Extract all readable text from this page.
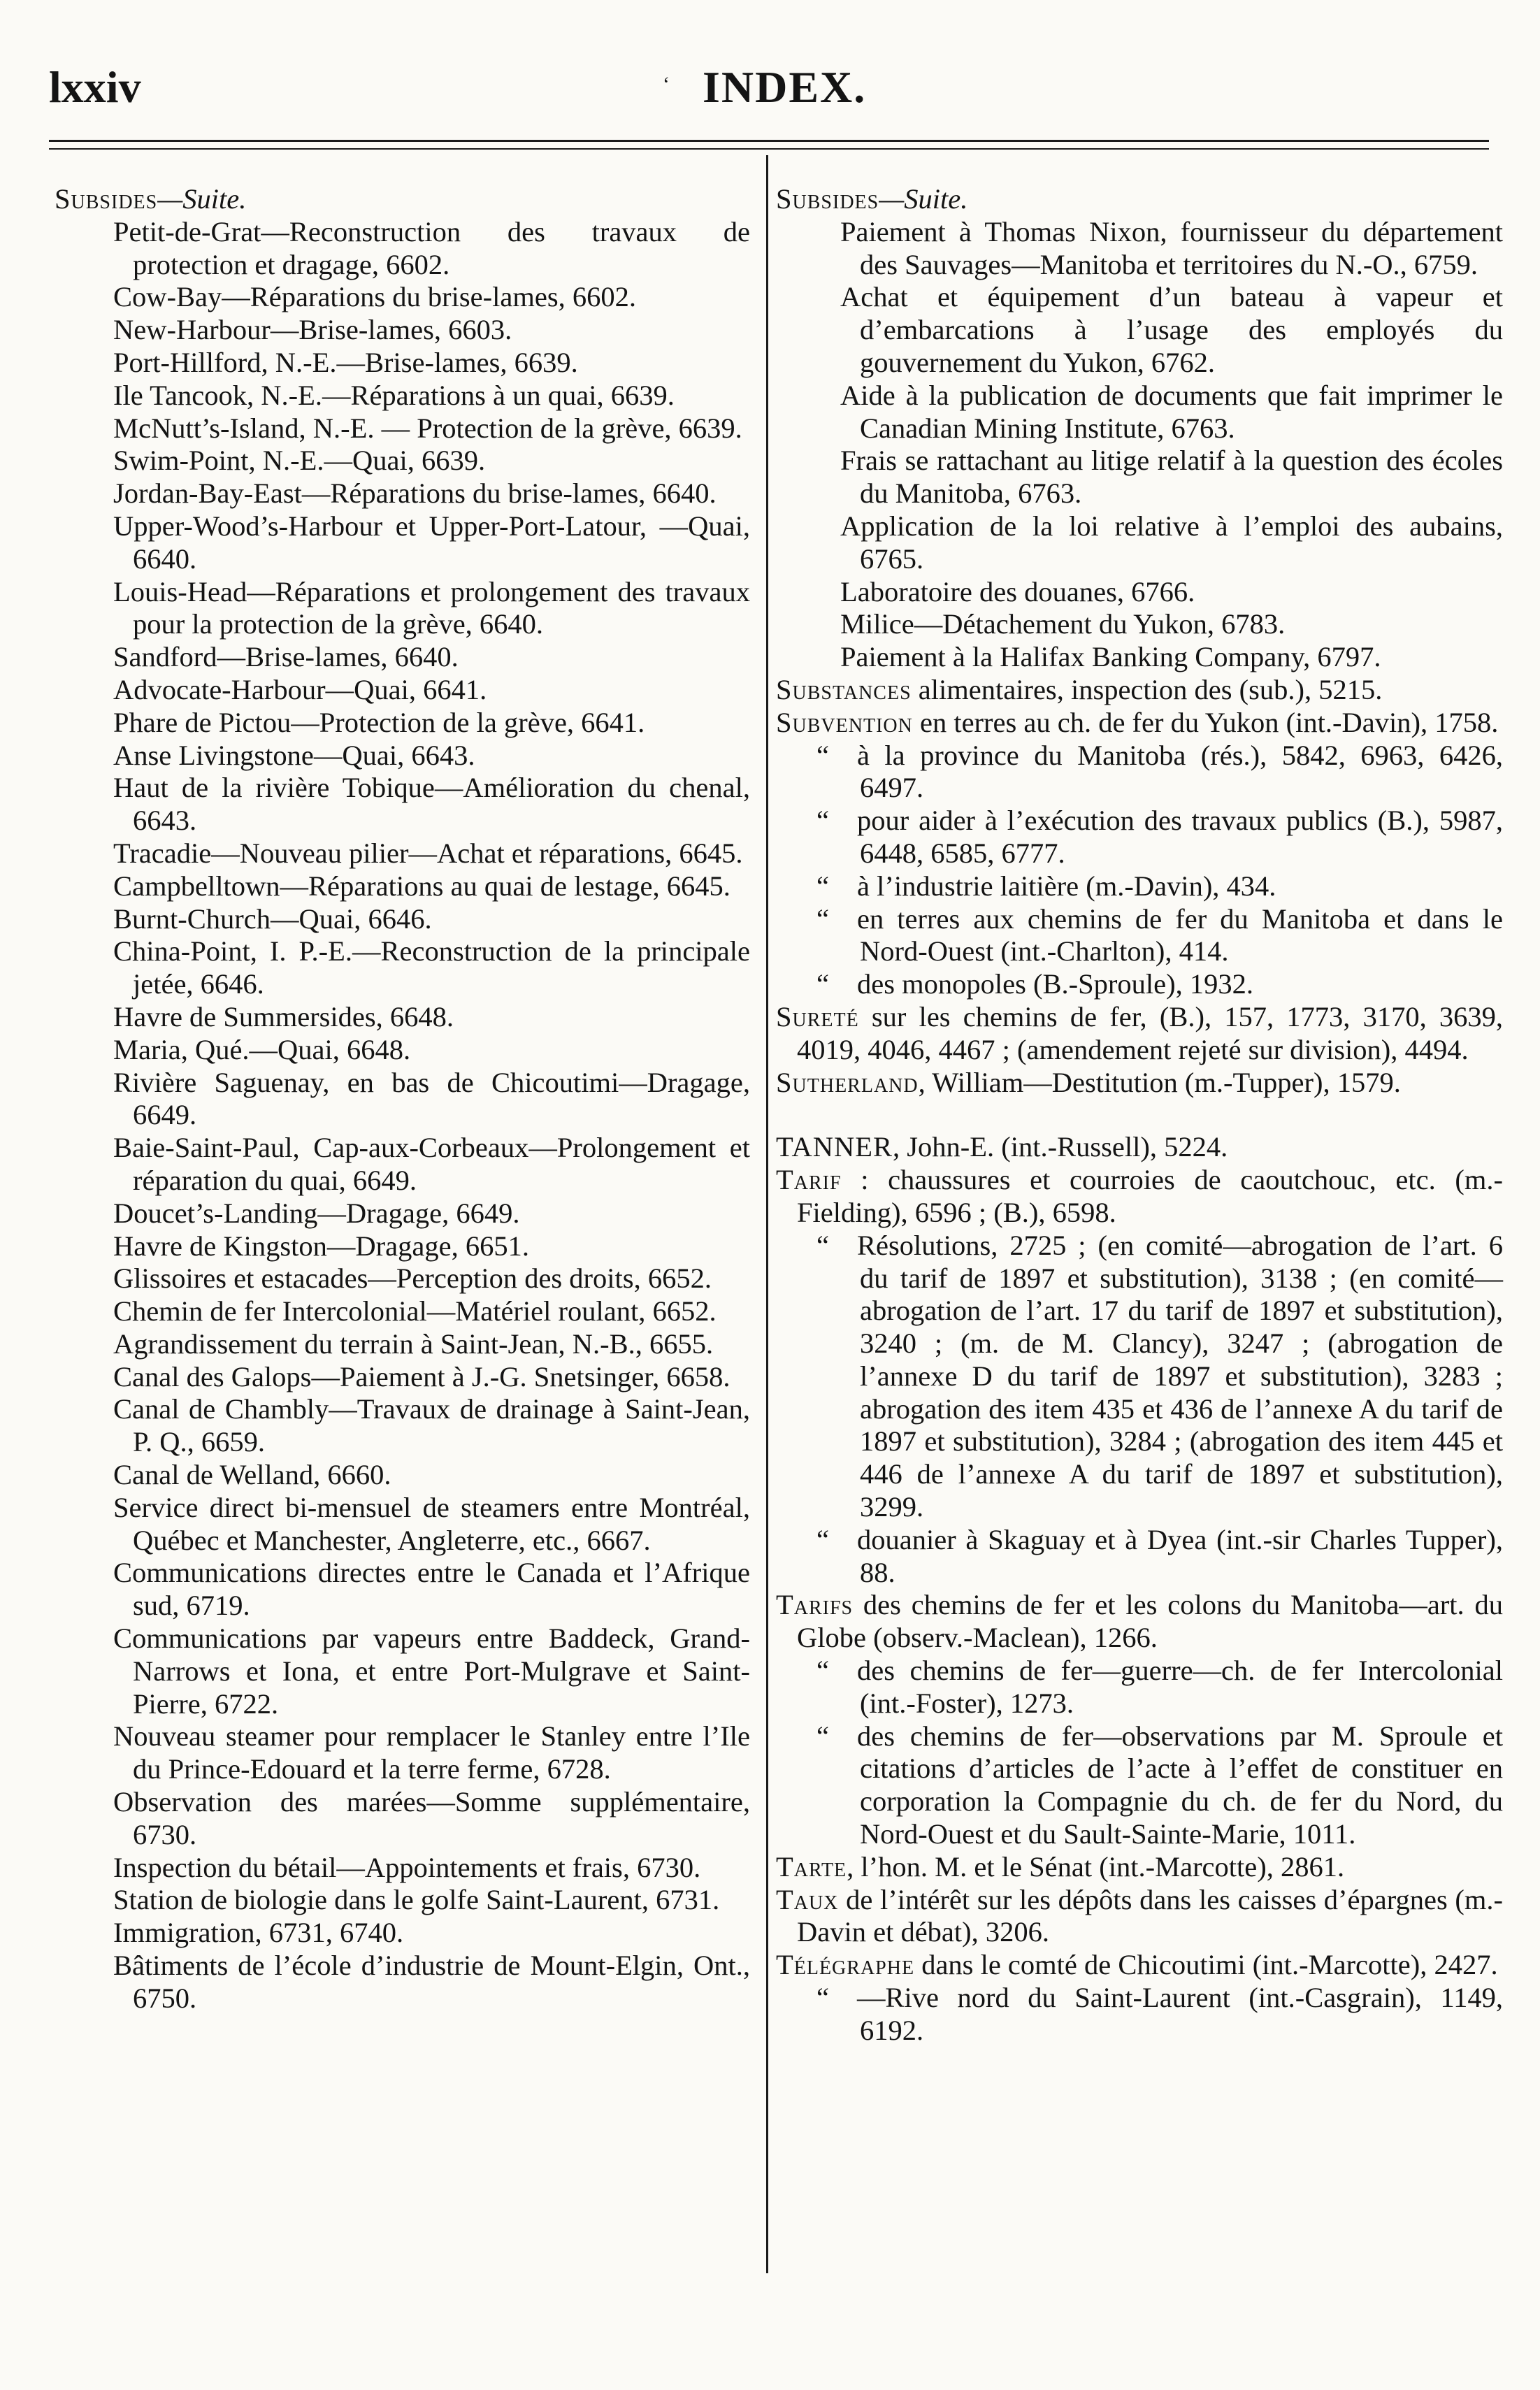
lxxiv	‘ INDEX.

Subsides—Suite.

Petit-de-Grat—Reconstruction des travaux de protection et dragage, 6602.

Cow-Bay—Réparations du brise-lames, 6602.

New-Harbour—Brise-lames, 6603.

Port-Hillford, N.-E.—Brise-lames, 6639.

Ile Tancook, N.-E.—Réparations à un quai, 6639.

McNutt’s-Island, N.-E. — Protection de la grève, 6639.

Swim-Point, N.-E.—Quai, 6639.

Jordan-Bay-East—Réparations du brise-lames, 6640.

Upper-Wood’s-Harbour et Upper-Port-Latour, —Quai, 6640.

Louis-Head—Réparations et prolongement des travaux pour la protection de la grève, 6640.

Sandford—Brise-lames, 6640.

Advocate-Harbour—Quai, 6641.

Phare de Pictou—Protection de la grève, 6641.

Anse Livingstone—Quai, 6643.

Haut de la rivière Tobique—Amélioration du chenal, 6643.

Tracadie—Nouveau pilier—Achat et réparations, 6645.

Campbelltown—Réparations au quai de lestage, 6645.

Burnt-Church—Quai, 6646.

China-Point, I. P.-E.—Reconstruction de la principale jetée, 6646.

Havre de Summersides, 6648.

Maria, Qué.—Quai, 6648.

Rivière Saguenay, en bas de Chicoutimi—Dragage, 6649.

Baie-Saint-Paul, Cap-aux-Corbeaux—Prolongement et réparation du quai, 6649.

Doucet’s-Landing—Dragage, 6649.

Havre de Kingston—Dragage, 6651.

Glissoires et estacades—Perception des droits, 6652.

Chemin de fer Intercolonial—Matériel roulant, 6652.

Agrandissement du terrain à Saint-Jean, N.-B., 6655.

Canal des Galops—Paiement à J.-G. Snetsinger, 6658.

Canal de Chambly—Travaux de drainage à Saint-Jean, P. Q., 6659.

Canal de Welland, 6660.

Service direct bi-mensuel de steamers entre Montréal, Québec et Manchester, Angleterre, etc., 6667.

Communications directes entre le Canada et l’Afrique sud, 6719.

Communications par vapeurs entre Baddeck, Grand-Narrows et Iona, et entre Port-Mulgrave et Saint-Pierre, 6722.

Nouveau steamer pour remplacer le Stanley entre l’Ile du Prince-Edouard et la terre ferme, 6728.

Observation des marées—Somme supplémentaire, 6730.

Inspection du bétail—Appointements et frais, 6730.

Station de biologie dans le golfe Saint-Laurent, 6731.

Immigration, 6731, 6740.

Bâtiments de l’école d’industrie de Mount-Elgin, Ont., 6750.

Subsides—Suite.

Paiement à Thomas Nixon, fournisseur du département des Sauvages—Manitoba et territoires du N.-O., 6759.

Achat et équipement d’un bateau à vapeur et d’embarcations à l’usage des employés du gouvernement du Yukon, 6762.

Aide à la publication de documents que fait imprimer le Canadian Mining Institute, 6763.

Frais se rattachant au litige relatif à la question des écoles du Manitoba, 6763.

Application de la loi relative à l’emploi des aubains, 6765.

Laboratoire des douanes, 6766.

Milice—Détachement du Yukon, 6783.

Paiement à la Halifax Banking Company, 6797.

Substances alimentaires, inspection des (sub.), 5215.

Subvention en terres au ch. de fer du Yukon (int.-Davin), 1758.

“ à la province du Manitoba (rés.), 5842, 6963, 6426, 6497.

“ pour aider à l’exécution des travaux publics (B.), 5987, 6448, 6585, 6777.

“ à l’industrie laitière (m.-Davin), 434.

“ en terres aux chemins de fer du Manitoba et dans le Nord-Ouest (int.-Charlton), 414.

“ des monopoles (B.-Sproule), 1932.

Sureté sur les chemins de fer, (B.), 157, 1773, 3170, 3639, 4019, 4046, 4467 ; (amendement rejeté sur division), 4494.

Sutherland, William—Destitution (m.-Tupper), 1579.

TANNER, John-E. (int.-Russell), 5224.

Tarif : chaussures et courroies de caoutchouc, etc. (m.-Fielding), 6596 ; (B.), 6598.

“ Résolutions, 2725 ; (en comité—abrogation de l’art. 6 du tarif de 1897 et substitution), 3138 ; (en comité—abrogation de l’art. 17 du tarif de 1897 et substitution), 3240 ; (m. de M. Clancy), 3247 ; (abrogation de l’annexe D du tarif de 1897 et substitution), 3283 ; abrogation des item 435 et 436 de l’annexe A du tarif de 1897 et substitution), 3284 ; (abrogation des item 445 et 446 de l’annexe A du tarif de 1897 et substitution), 3299.

“ douanier à Skaguay et à Dyea (int.-sir Charles Tupper), 88.

Tarifs des chemins de fer et les colons du Manitoba—art. du Globe (observ.-Maclean), 1266.

“ des chemins de fer—guerre—ch. de fer Intercolonial (int.-Foster), 1273.

“ des chemins de fer—observations par M. Sproule et citations d’articles de l’acte à l’effet de constituer en corporation la Compagnie du ch. de fer du Nord, du Nord-Ouest et du Sault-Sainte-Marie, 1011.

Tarte, l’hon. M. et le Sénat (int.-Marcotte), 2861.

Taux de l’intérêt sur les dépôts dans les caisses d’épargnes (m.-Davin et débat), 3206.

Télégraphe dans le comté de Chicoutimi (int.-Marcotte), 2427.

“ —Rive nord du Saint-Laurent (int.-Casgrain), 1149, 6192.
